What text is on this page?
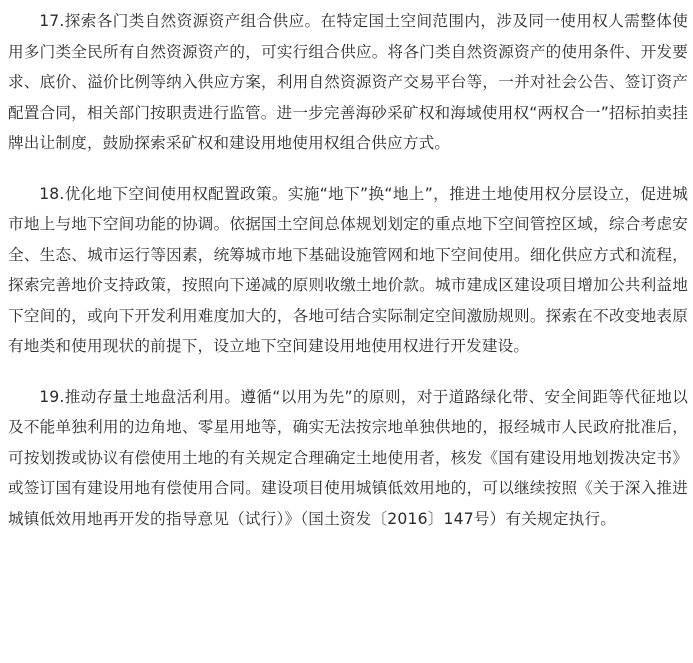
17.探索各门类自然资源资产组合供应。在特定国土空间范围内，涉及同一使用权人需整体使用多门类全民所有自然资源资产的，可实行组合供应。将各门类自然资源资产的使用条件、开发要求、底价、溢价比例等纳入供应方案，利用自然资源资产交易平台等，一并对社会公告、签订资产配置合同，相关部门按职责进行监管。进一步完善海砂采矿权和海域使用权“两权合一”招标拍卖挂牌出让制度，鼓励探索采矿权和建设用地使用权组合供应方式。

18.优化地下空间使用权配置政策。实施“地下”换“地上”，推进土地使用权分层设立，促进城市地上与地下空间功能的协调。依据国土空间总体规划划定的重点地下空间管控区域，综合考虑安全、生态、城市运行等因素，统筹城市地下基础设施管网和地下空间使用。细化供应方式和流程，探索完善地价支持政策，按照向下递减的原则收缴土地价款。城市建成区建设项目增加公共利益地下空间的，或向下开发利用难度加大的，各地可结合实际制定空间激励规则。探索在不改变地表原有地类和使用现状的前提下，设立地下空间建设用地使用权进行开发建设。

19.推动存量土地盘活利用。遵循“以用为先”的原则，对于道路绿化带、安全间距等代征地以及不能单独利用的边角地、零星用地等，确实无法按宗地单独供地的，报经城市人民政府批准后，可按划拨或协议有偿使用土地的有关规定合理确定土地使用者，核发《国有建设用地划拨决定书》或签订国有建设用地有偿使用合同。建设项目使用城镇低效用地的，可以继续按照《关于深入推进城镇低效用地再开发的指导意见（试行）》（国土资发〔2016〕147号）有关规定执行。
